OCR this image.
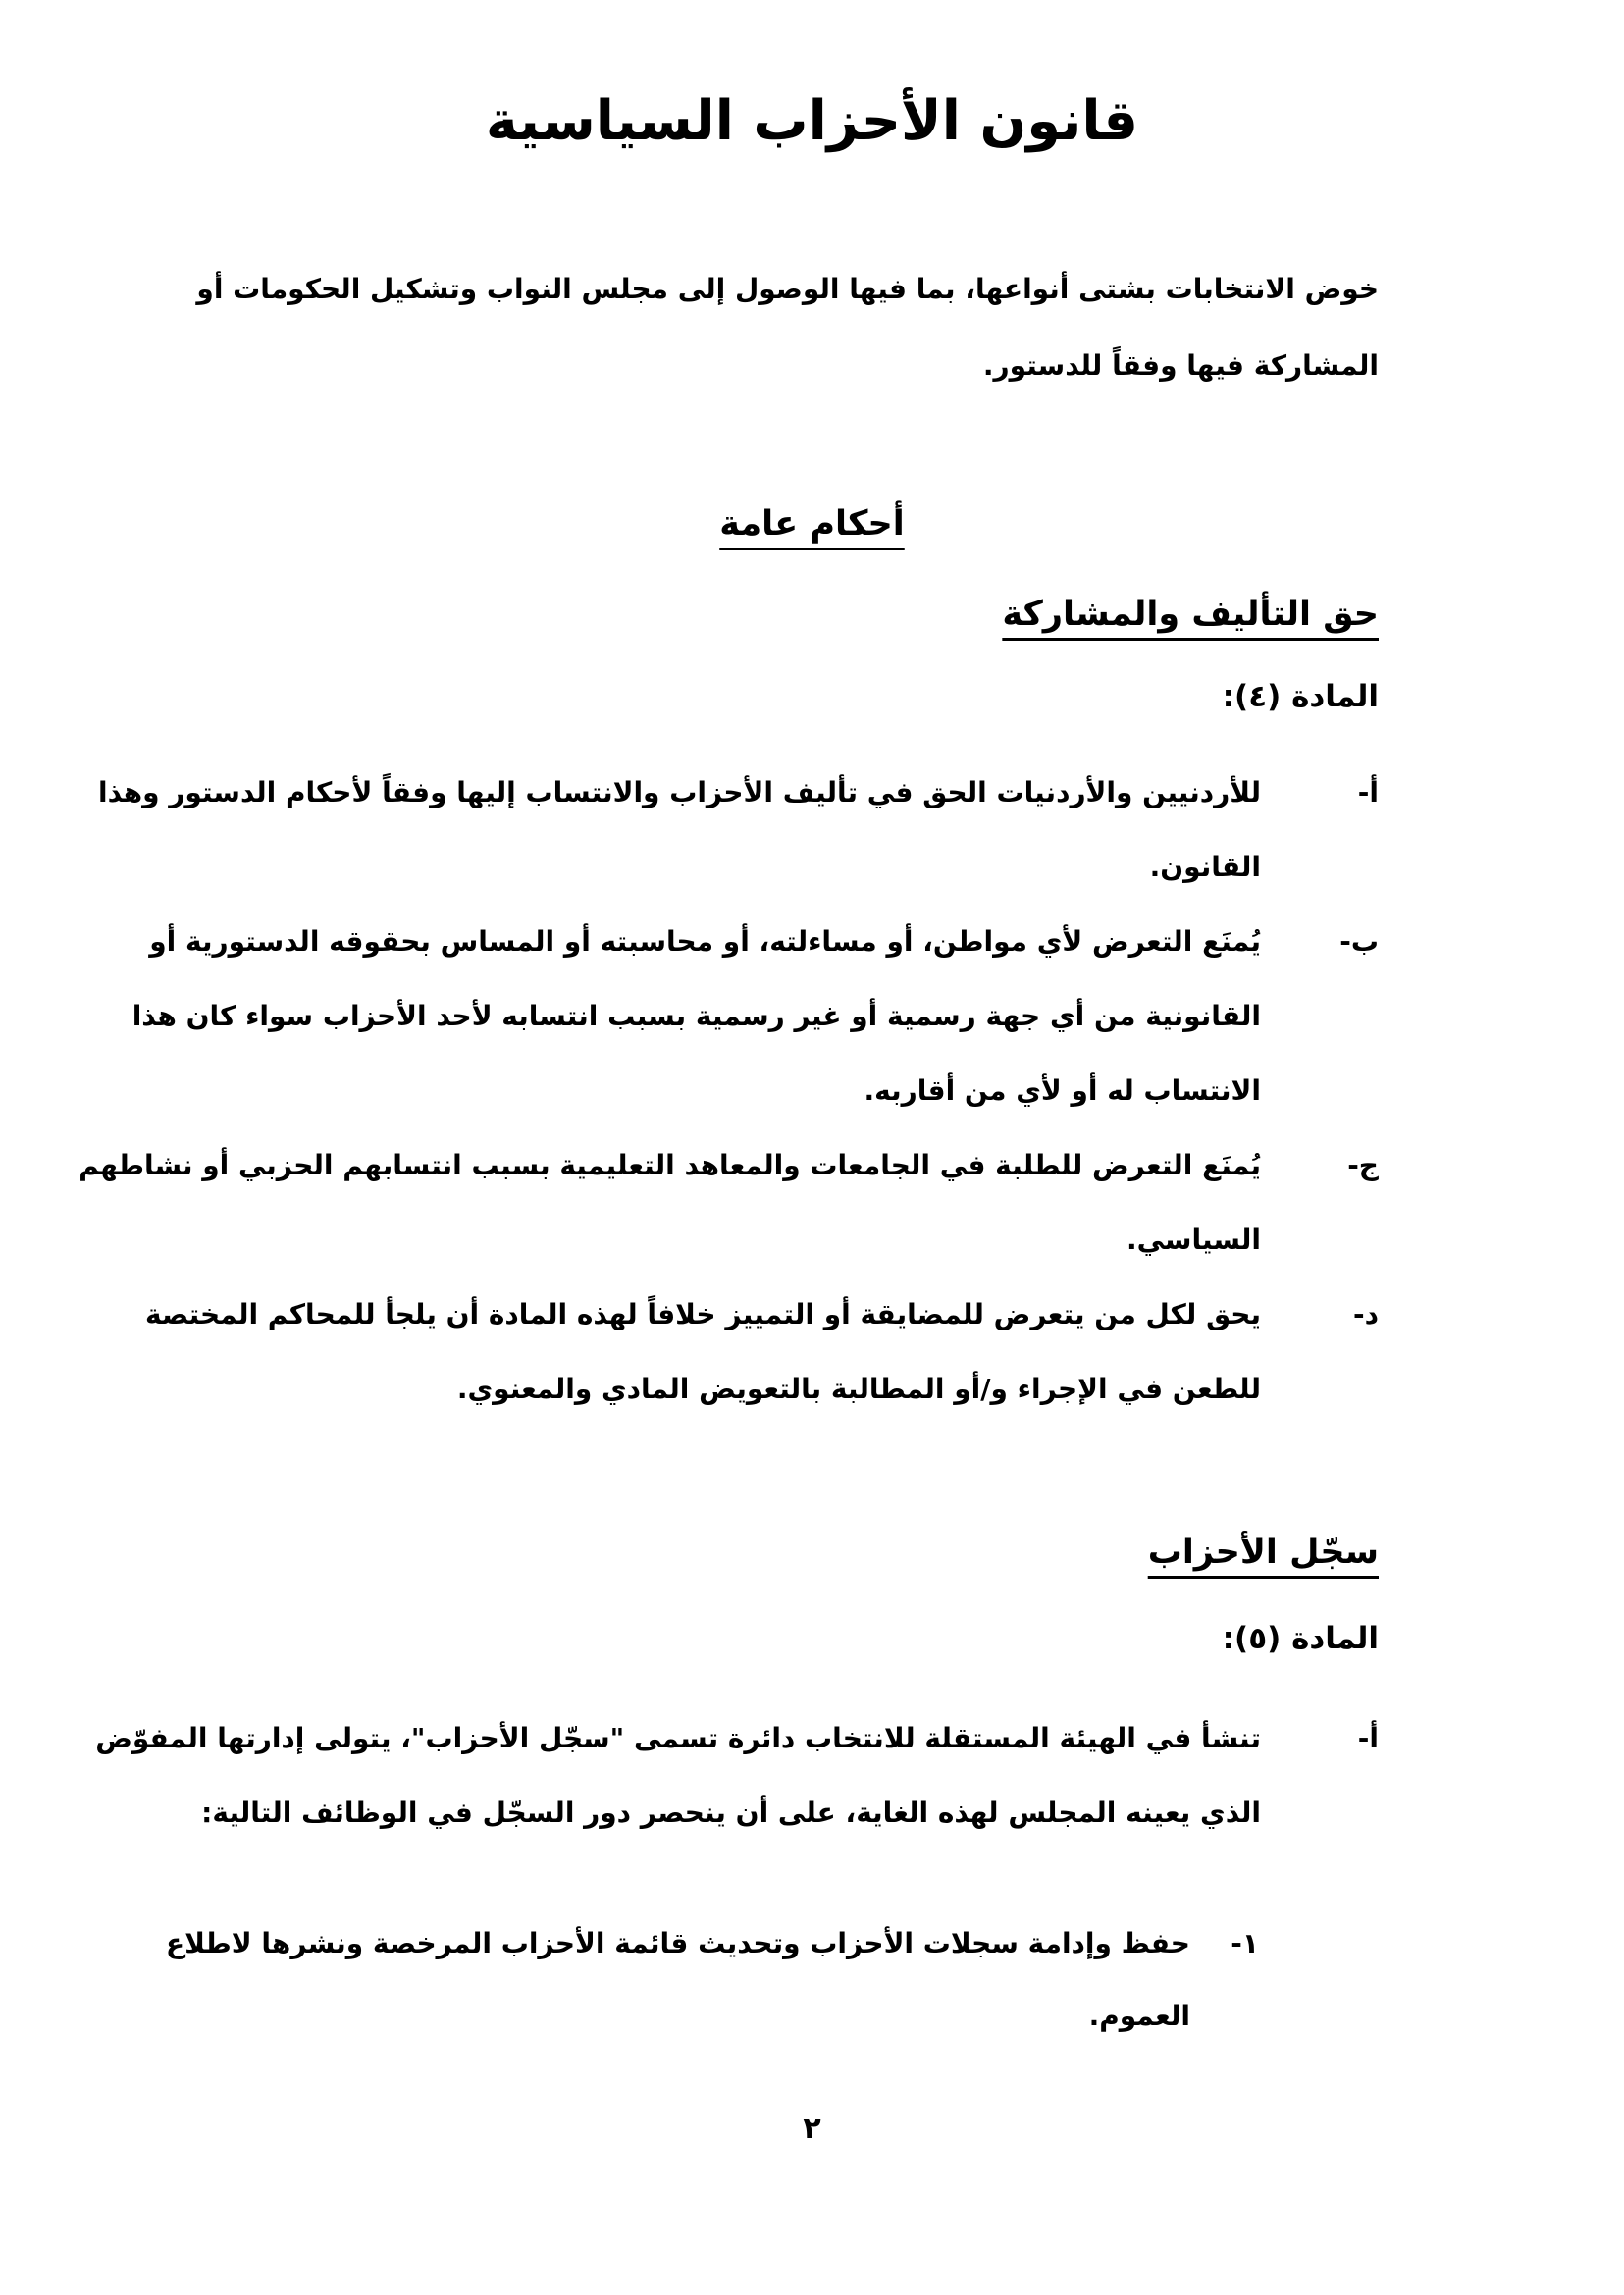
قانون الأحزاب السياسية
خوض الانتخابات بشتى أنواعها، بما فيها الوصول إلى مجلس النواب وتشكيل الحكومات أو
المشاركة فيها وفقاً للدستور.
أحكام عامة
حق التأليف والمشاركة
المادة (٤):
أ-
للأردنيين والأردنيات الحق في تأليف الأحزاب والانتساب إليها وفقاً لأحكام الدستور وهذا
القانون.
ب-
يُمنَع التعرض لأي مواطن، أو مساءلته، أو محاسبته أو المساس بحقوقه الدستورية أو
القانونية من أي جهة رسمية أو غير رسمية بسبب انتسابه لأحد الأحزاب سواء كان هذا
الانتساب له أو لأي من أقاربه.
ج-
يُمنَع التعرض للطلبة في الجامعات والمعاهد التعليمية بسبب انتسابهم الحزبي أو نشاطهم
السياسي.
د-
يحق لكل من يتعرض للمضايقة أو التمييز خلافاً لهذه المادة أن يلجأ للمحاكم المختصة
للطعن في الإجراء و/أو المطالبة بالتعويض المادي والمعنوي.
سجّل الأحزاب
المادة (٥):
أ-
تنشأ في الهيئة المستقلة للانتخاب دائرة تسمى "سجّل الأحزاب"، يتولى إدارتها المفوّض
الذي يعينه المجلس لهذه الغاية، على أن ينحصر دور السجّل في الوظائف التالية:
١-
حفظ وإدامة سجلات الأحزاب وتحديث قائمة الأحزاب المرخصة ونشرها لاطلاع
العموم.
٢
